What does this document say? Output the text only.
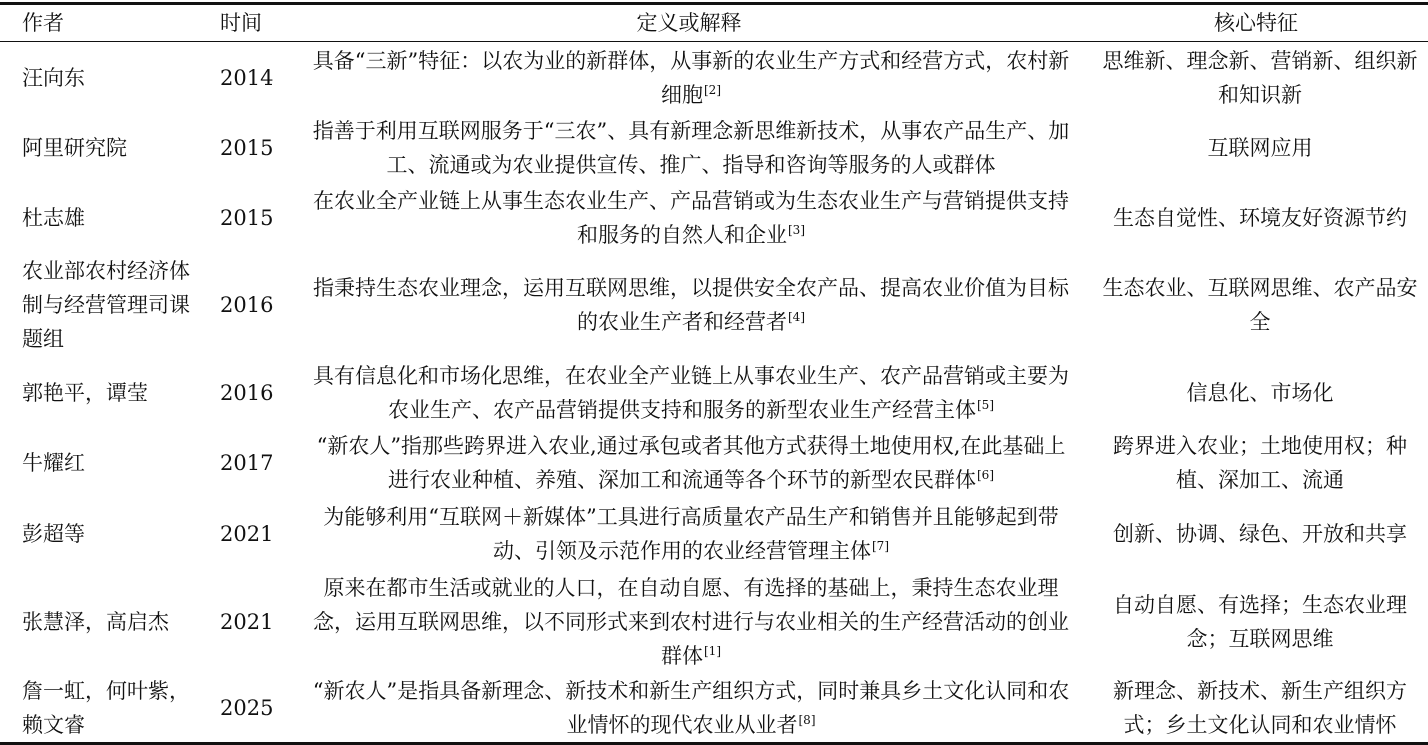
作者	时间	定义或解释	核心特征
汪向东	2014	具备“三新”特征：以农为业的新群体，从事新的农业生产方式和经营方式，农村新细胞[2]	思维新、理念新、营销新、组织新和知识新
阿里研究院	2015	指善于利用互联网服务于“三农”、具有新理念新思维新技术，从事农产品生产、加工、流通或为农业提供宣传、推广、指导和咨询等服务的人或群体	互联网应用
杜志雄	2015	在农业全产业链上从事生态农业生产、产品营销或为生态农业生产与营销提供支持和服务的自然人和企业[3]	生态自觉性、环境友好资源节约
农业部农村经济体制与经营管理司课题组	2016	指秉持生态农业理念，运用互联网思维，以提供安全农产品、提高农业价值为目标的农业生产者和经营者[4]	生态农业、互联网思维、农产品安全
郭艳平，谭莹	2016	具有信息化和市场化思维，在农业全产业链上从事农业生产、农产品营销或主要为农业生产、农产品营销提供支持和服务的新型农业生产经营主体[5]	信息化、市场化
牛耀红	2017	“新农人”指那些跨界进入农业,通过承包或者其他方式获得土地使用权,在此基础上进行农业种植、养殖、深加工和流通等各个环节的新型农民群体[6]	跨界进入农业；土地使用权；种植、深加工、流通
彭超等	2021	为能够利用“互联网＋新媒体”工具进行高质量农产品生产和销售并且能够起到带动、引领及示范作用的农业经营管理主体[7]	创新、协调、绿色、开放和共享
张慧泽，高启杰	2021	原来在都市生活或就业的人口，在自动自愿、有选择的基础上，秉持生态农业理念，运用互联网思维，以不同形式来到农村进行与农业相关的生产经营活动的创业群体[1]	自动自愿、有选择；生态农业理念；互联网思维
詹一虹，何叶紫，赖文睿	2025	“新农人”是指具备新理念、新技术和新生产组织方式，同时兼具乡土文化认同和农业情怀的现代农业从业者[8]	新理念、新技术、新生产组织方式；乡土文化认同和农业情怀
